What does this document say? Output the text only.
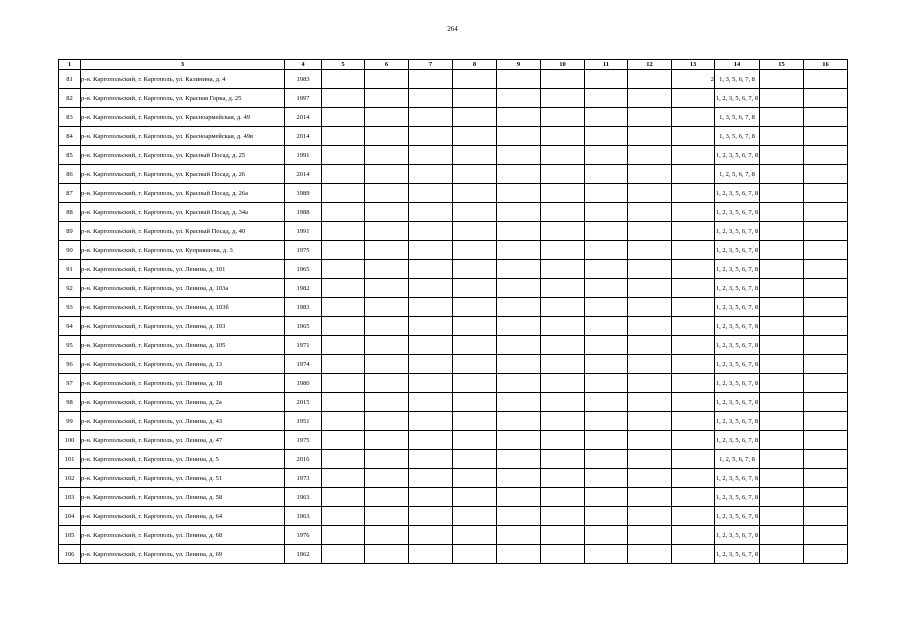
264
1	3	4	5	6	7	8	9	10	11	12	13	14	15	16
81	р-н. Каргопольский, г. Каргополь, ул. Калинина, д. 4	1983									2	1, 3, 5, 6, 7, 8		
82	р-н. Каргопольский, г. Каргополь, ул. Красная Горка, д. 25	1997										1, 2, 3, 5, 6, 7, 8		
83	р-н. Каргопольский, г. Каргополь, ул. Красноармейская, д. 49	2014										1, 3, 5, 6, 7, 8		
84	р-н. Каргопольский, г. Каргополь, ул. Красноармейская, д. 49в	2014										1, 3, 5, 6, 7, 8		
85	р-н. Каргопольский, г. Каргополь, ул. Красный Посад, д. 25	1991										1, 2, 3, 5, 6, 7, 8		
86	р-н. Каргопольский, г. Каргополь, ул. Красный Посад, д. 26	2014										1, 2, 5, 6, 7, 8		
87	р-н. Каргопольский, г. Каргополь, ул. Красный Посад, д. 26а	1989										1, 2, 3, 5, 6, 7, 8		
88	р-н. Каргопольский, г. Каргополь, ул. Красный Посад, д. 34а	1988										1, 2, 3, 5, 6, 7, 8		
89	р-н. Каргопольский, г. Каргополь, ул. Красный Посад, д. 40	1991										1, 2, 3, 5, 6, 7, 8		
90	р-н. Каргопольский, г. Каргополь, ул. Куприяшова, д. 3	1975										1, 2, 3, 5, 6, 7, 8		
91	р-н. Каргопольский, г. Каргополь, ул. Ленина, д. 101	1965										1, 2, 3, 5, 6, 7, 8		
92	р-н. Каргопольский, г. Каргополь, ул. Ленина, д. 103а	1982										1, 2, 3, 5, 6, 7, 8		
93	р-н. Каргопольский, г. Каргополь, ул. Ленина, д. 103б	1983										1, 2, 3, 5, 6, 7, 8		
94	р-н. Каргопольский, г. Каргополь, ул. Ленина, д. 103	1965										1, 2, 3, 5, 6, 7, 8		
95	р-н. Каргопольский, г. Каргополь, ул. Ленина, д. 105	1971										1, 2, 3, 5, 6, 7, 8		
96	р-н. Каргопольский, г. Каргополь, ул. Ленина, д. 13	1974										1, 2, 3, 5, 6, 7, 8		
97	р-н. Каргопольский, г. Каргополь, ул. Ленина, д. 18	1980										1, 2, 3, 5, 6, 7, 8		
98	р-н. Каргопольский, г. Каргополь, ул. Ленина, д. 2а	2015										1, 2, 3, 5, 6, 7, 8		
99	р-н. Каргопольский, г. Каргополь, ул. Ленина, д. 43	1951										1, 2, 3, 5, 6, 7, 8		
100	р-н. Каргопольский, г. Каргополь, ул. Ленина, д. 47	1975										1, 2, 3, 5, 6, 7, 8		
101	р-н. Каргопольский, г. Каргополь, ул. Ленина, д. 5	2016										1, 2, 5, 6, 7, 8		
102	р-н. Каргопольский, г. Каргополь, ул. Ленина, д. 51	1973										1, 2, 3, 5, 6, 7, 8		
103	р-н. Каргопольский, г. Каргополь, ул. Ленина, д. 58	1963										1, 2, 3, 5, 6, 7, 8		
104	р-н. Каргопольский, г. Каргополь, ул. Ленина, д. 64	1963										1, 2, 3, 5, 6, 7, 8		
105	р-н. Каргопольский, г. Каргополь, ул. Ленина, д. 68	1976										1, 2, 3, 5, 6, 7, 8		
106	р-н. Каргопольский, г. Каргополь, ул. Ленина, д. 69	1962										1, 2, 3, 5, 6, 7, 8		
